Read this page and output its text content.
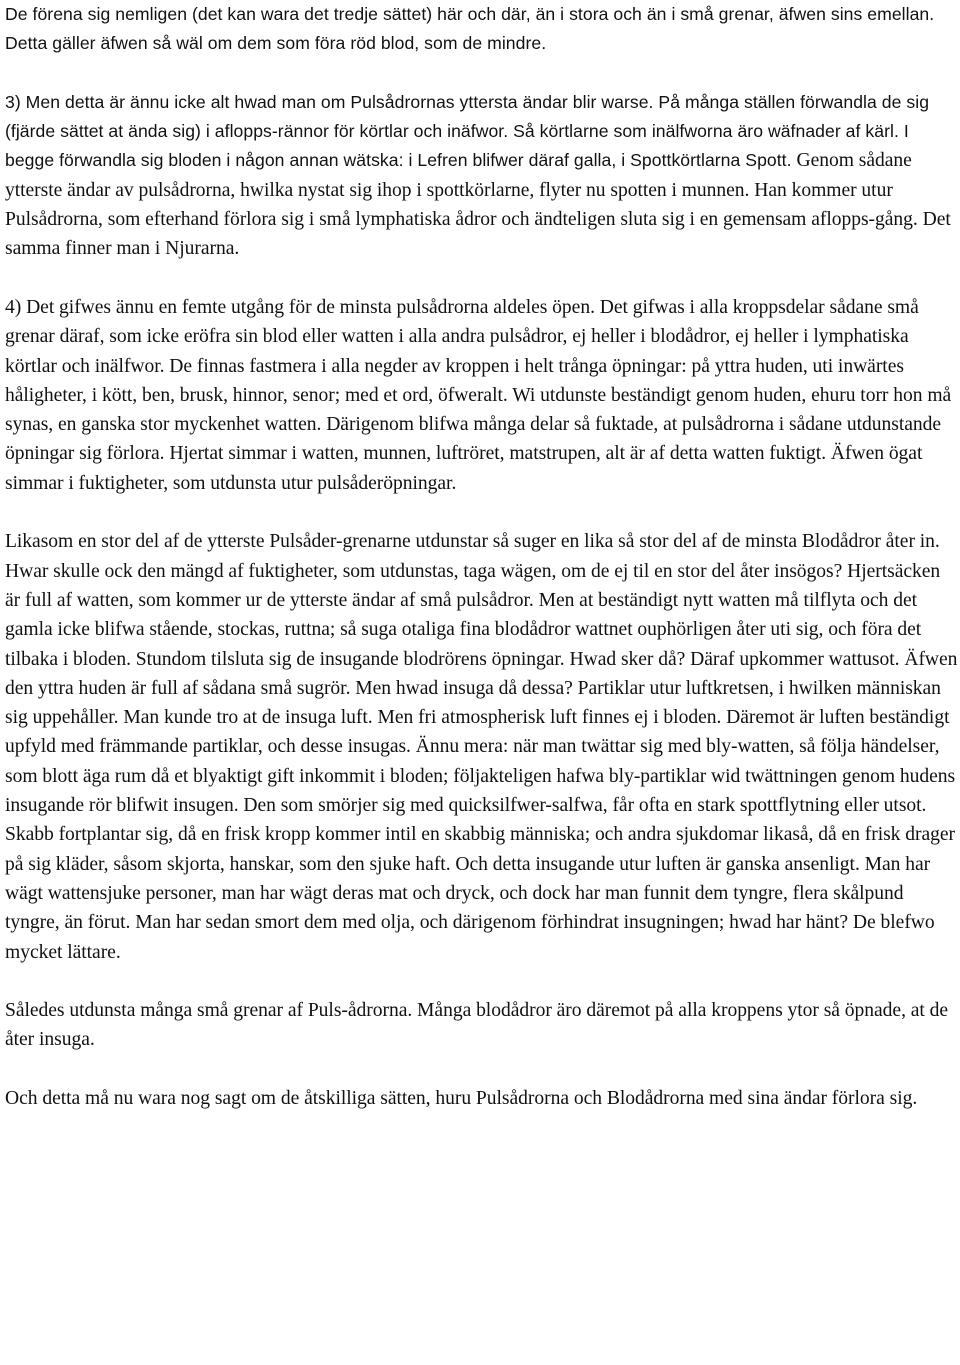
De förena sig nemligen (det kan wara det tredje sättet) här och där, än i stora och än i små grenar, äfwen sins emellan. Detta gäller äfwen så wäl om dem som föra röd blod, som de mindre.

3) Men detta är ännu icke alt hwad man om Pulsådrornas yttersta ändar blir warse. På många ställen förwandla de sig (fjärde sättet at ända sig) i aflopps-rännor för körtlar och inäfwor. Så körtlarne som inälfworna äro wäfnader af kärl. I begge förwandla sig bloden i någon annan wätska: i Lefren blifwer däraf galla, i Spottkörtlarna Spott. Genom sådane ytterste ändar av pulsådrorna, hwilka nystat sig ihop i spottkörlarne, flyter nu spotten i munnen. Han kommer utur Pulsådrorna, som efterhand förlora sig i små lymphatiska ådror och ändteligen sluta sig i en gemensam aflopps-gång. Det samma finner man i Njurarna.

4) Det gifwes ännu en femte utgång för de minsta pulsådrorna aldeles öpen. Det gifwas i alla kroppsdelar sådane små grenar däraf, som icke eröfra sin blod eller watten i alla andra pulsådror, ej heller i blodådror, ej heller i lymphatiska körtlar och inälfwor. De finnas fastmera i alla negder av kroppen i helt trånga öpningar: på yttra huden, uti inwärtes håligheter, i kött, ben, brusk, hinnor, senor; med et ord, öfweralt. Wi utdunste beständigt genom huden, ehuru torr hon må synas, en ganska stor myckenhet watten. Därigenom blifwa många delar så fuktade, at pulsådrorna i sådane utdunstande öpningar sig förlora. Hjertat simmar i watten, munnen, luftröret, matstrupen, alt är af detta watten fuktigt. Äfwen ögat simmar i fuktigheter, som utdunsta utur pulsåderöpningar.

Likasom en stor del af de ytterste Pulsåder-grenarne utdunstar så suger en lika så stor del af de minsta Blodådror åter in. Hwar skulle ock den mängd af fuktigheter, som utdunstas, taga wägen, om de ej til en stor del åter insögos? Hjertsäcken är full af watten, som kommer ur de ytterste ändar af små pulsådror. Men at beständigt nytt watten må tilflyta och det gamla icke blifwa stående, stockas, ruttna; så suga otaliga fina blodådror wattnet ouphörligen åter uti sig, och föra det tilbaka i bloden. Stundom tilsluta sig de insugande blodrörens öpningar. Hwad sker då? Däraf upkommer wattusot. Äfwen den yttra huden är full af sådana små sugrör. Men hwad insuga då dessa? Partiklar utur luftkretsen, i hwilken människan sig uppehåller. Man kunde tro at de insuga luft. Men fri atmospherisk luft finnes ej i bloden. Däremot är luften beständigt upfyld med främmande partiklar, och desse insugas. Ännu mera: när man twättar sig med bly-watten, så följa händelser, som blott äga rum då et blyaktigt gift inkommit i bloden; följakteligen hafwa bly-partiklar wid twättningen genom hudens insugande rör blifwit insugen. Den som smörjer sig med quicksilfwer-salfwa, får ofta en stark spottflytning eller utsot. Skabb fortplantar sig, då en frisk kropp kommer intil en skabbig människa; och andra sjukdomar likaså, då en frisk drager på sig kläder, såsom skjorta, hanskar, som den sjuke haft. Och detta insugande utur luften är ganska ansenligt. Man har wägt wattensjuke personer, man har wägt deras mat och dryck, och dock har man funnit dem tyngre, flera skålpund tyngre, än förut. Man har sedan smort dem med olja, och därigenom förhindrat insugningen; hwad har hänt? De blefwo mycket lättare.

Således utdunsta många små grenar af Puls-ådrorna. Många blodådror äro däremot på alla kroppens ytor så öpnade, at de åter insuga.

Och detta må nu wara nog sagt om de åtskilliga sätten, huru Pulsådrorna och Blodådrorna med sina ändar förlora sig.
